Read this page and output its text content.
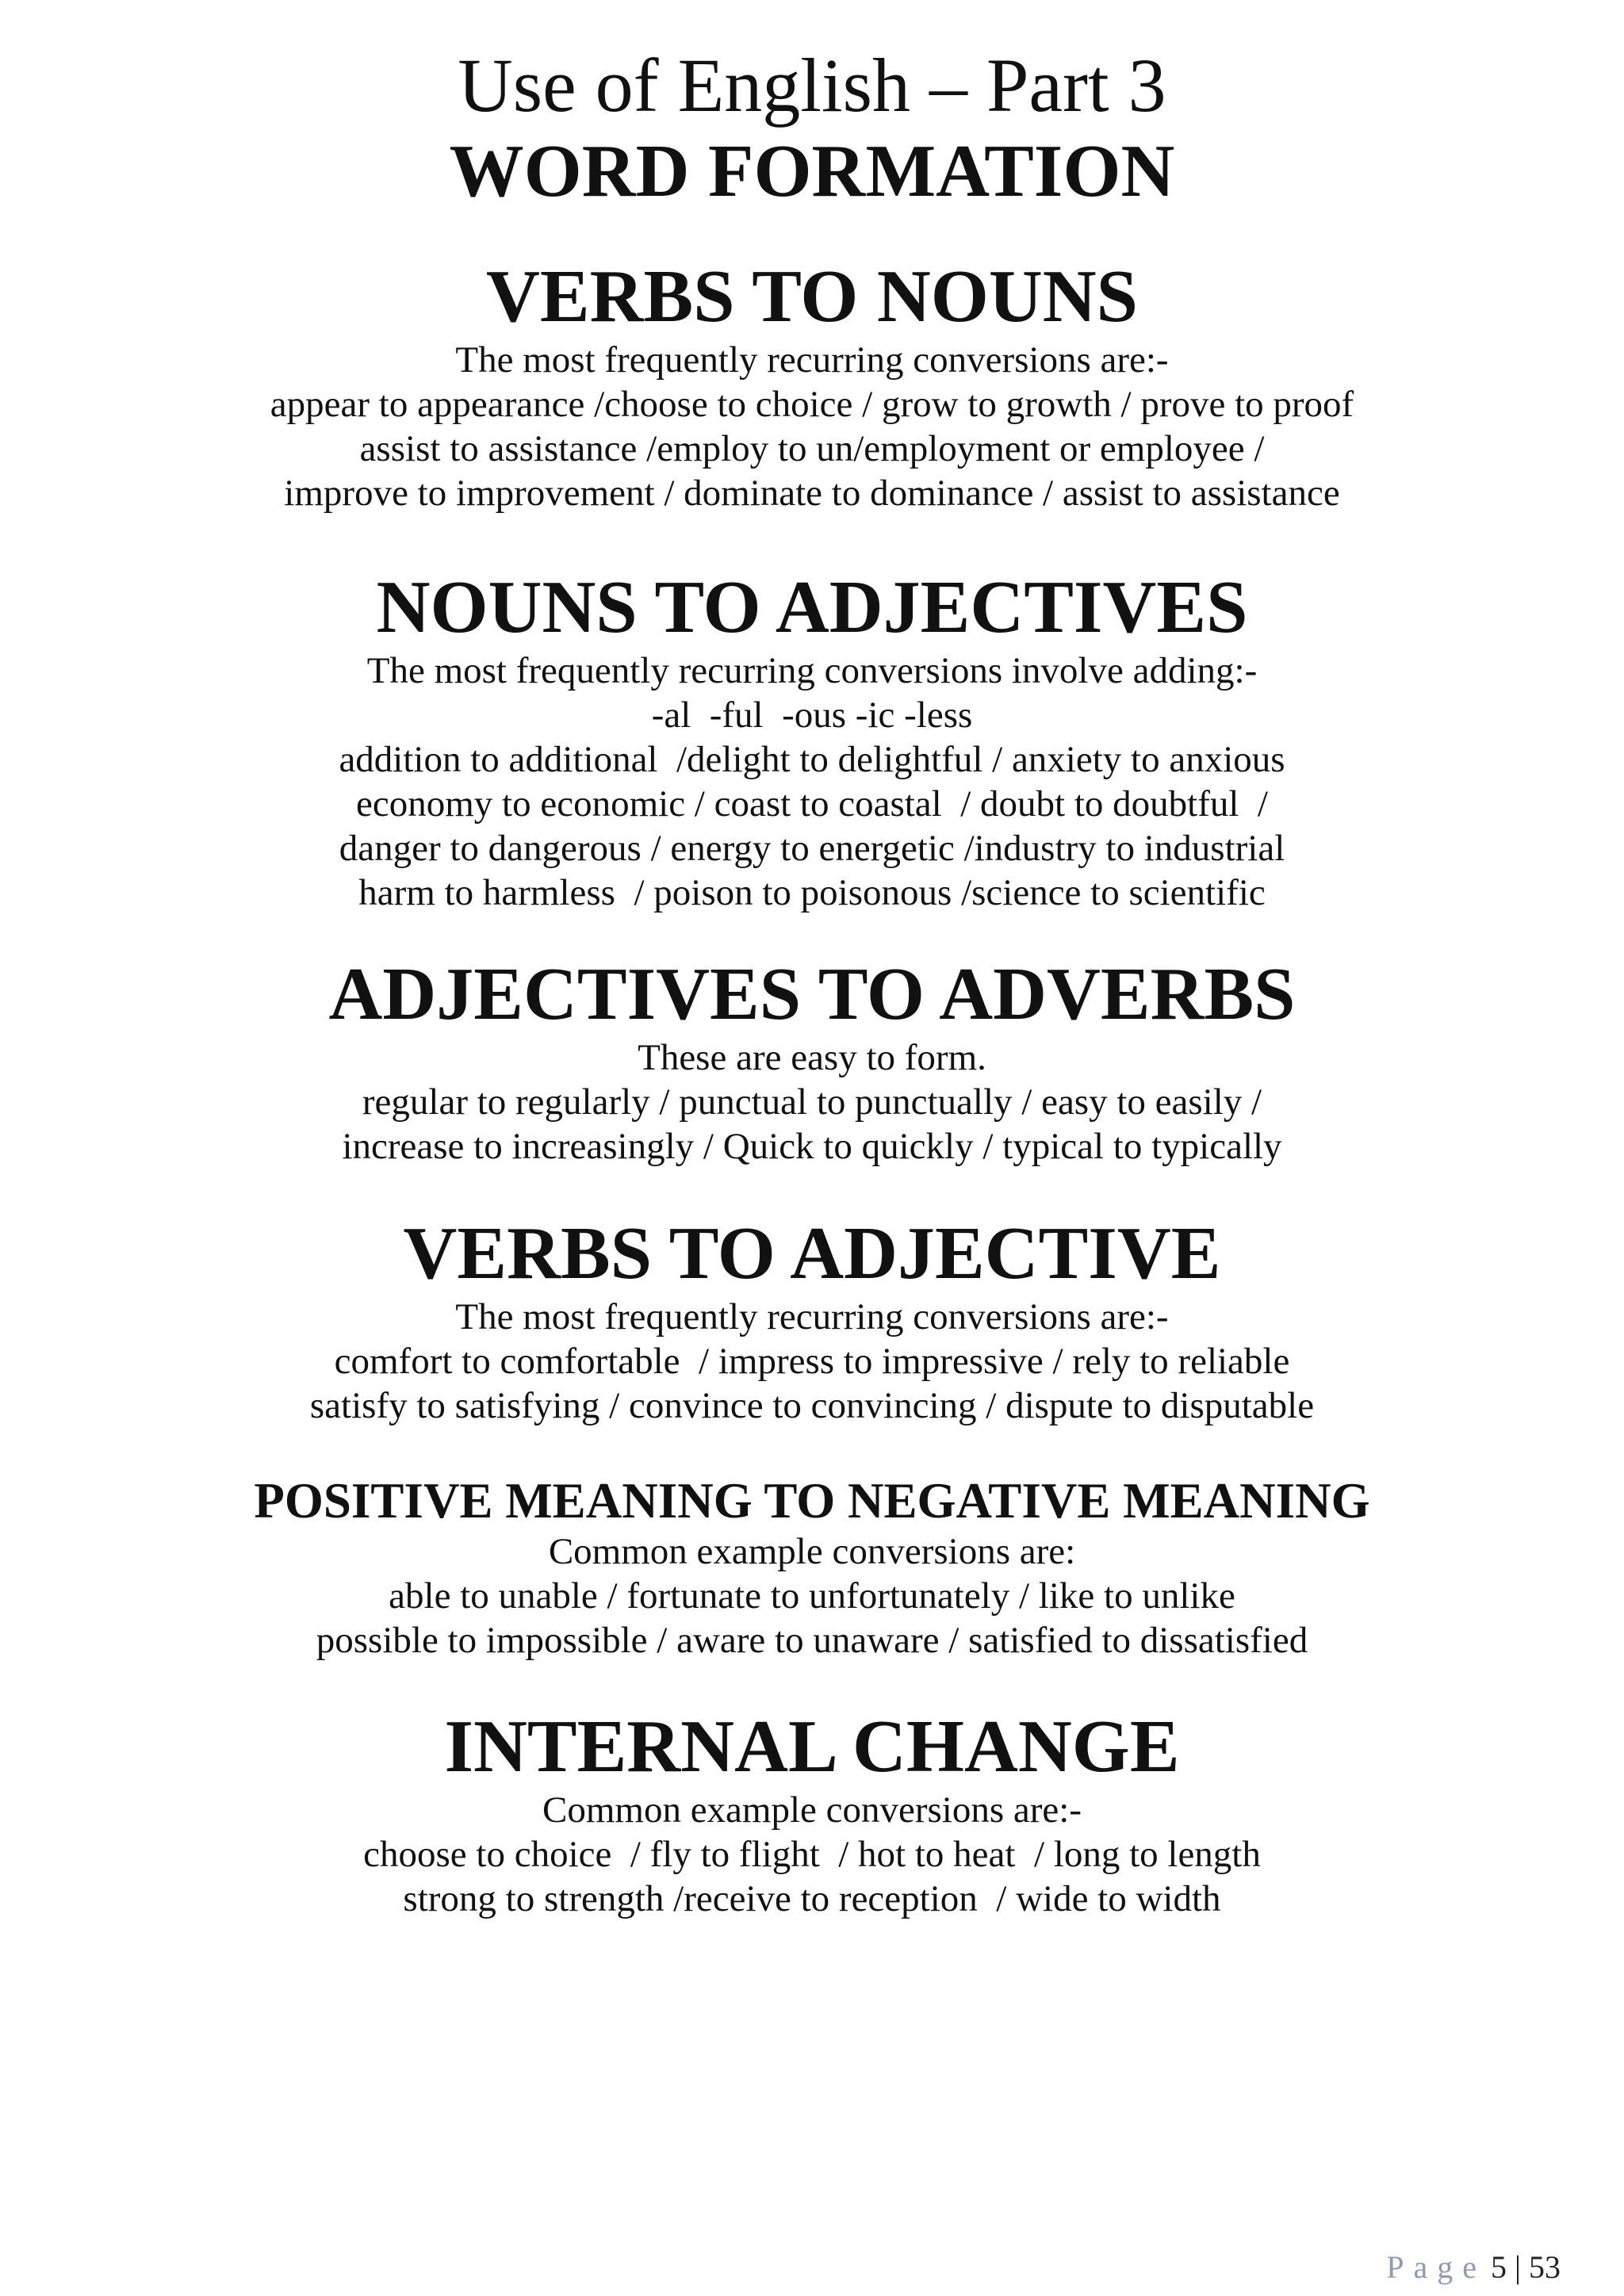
Use of English – Part 3
WORD FORMATION
VERBS TO NOUNS

The most frequently recurring conversions are:-

appear to appearance /choose to choice / grow to growth / prove to proof

assist to assistance /employ to un/employment or employee /

improve to improvement / dominate to dominance / assist to assistance

NOUNS TO ADJECTIVES

The most frequently recurring conversions involve adding:-

-al  -ful  -ous -ic -less

addition to additional  /delight to delightful / anxiety to anxious

economy to economic / coast to coastal  / doubt to doubtful  /

danger to dangerous / energy to energetic /industry to industrial

harm to harmless  / poison to poisonous /science to scientific

ADJECTIVES TO ADVERBS

These are easy to form.

regular to regularly / punctual to punctually / easy to easily /

increase to increasingly / Quick to quickly / typical to typically

VERBS TO ADJECTIVE

The most frequently recurring conversions are:-

comfort to comfortable  / impress to impressive / rely to reliable

satisfy to satisfying / convince to convincing / dispute to disputable

POSITIVE MEANING TO NEGATIVE MEANING

Common example conversions are:

able to unable / fortunate to unfortunately / like to unlike

possible to impossible / aware to unaware / satisfied to dissatisfied

INTERNAL CHANGE

Common example conversions are:-

choose to choice  / fly to flight  / hot to heat  / long to length

strong to strength /receive to reception  / wide to width

Page 5 | 53
